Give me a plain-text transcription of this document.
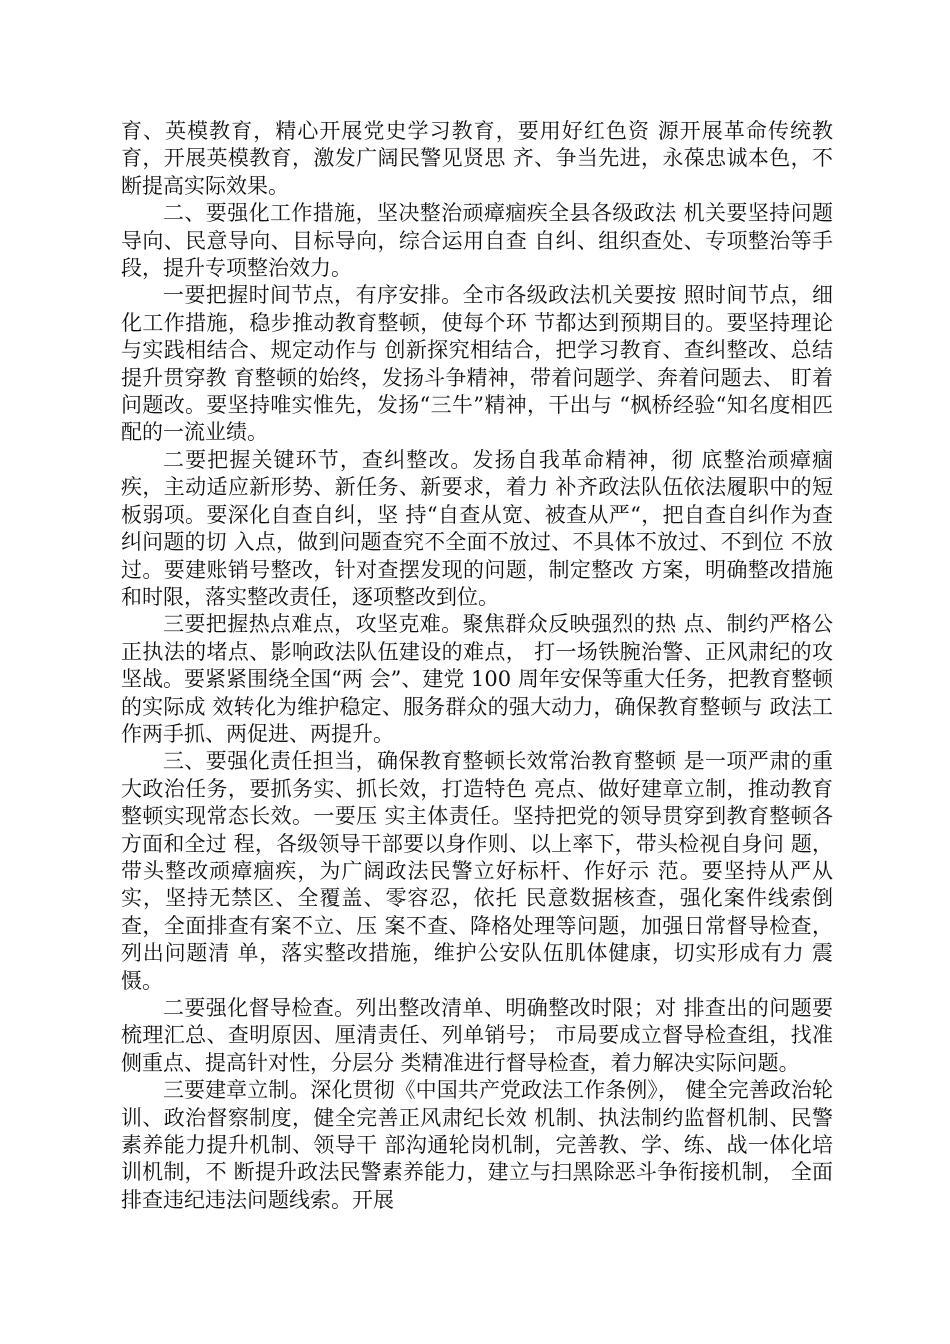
育、英模教育，精心开展党史学习教育，要用好红色资 源开展革命传统教育，开展英模教育，激发广阔民警见贤思 齐、争当先进，永葆忠诚本色，不断提高实际效果。

二、要强化工作措施，坚决整治顽瘴痼疾全县各级政法 机关要坚持问题导向、民意导向、目标导向，综合运用自查 自纠、组织查处、专项整治等手段，提升专项整治效力。

一要把握时间节点，有序安排。全市各级政法机关要按 照时间节点，细化工作措施，稳步推动教育整顿，使每个环 节都达到预期目的。要坚持理论与实践相结合、规定动作与 创新探究相结合，把学习教育、查纠整改、总结提升贯穿教 育整顿的始终，发扬斗争精神，带着问题学、奔着问题去、 盯着问题改。要坚持唯实惟先，发扬“三牛”精神，干出与 “枫桥经验“知名度相匹配的一流业绩。

二要把握关键环节，查纠整改。发扬自我革命精神，彻 底整治顽瘴痼疾，主动适应新形势、新任务、新要求，着力 补齐政法队伍依法履职中的短板弱项。要深化自查自纠，坚 持“自查从宽、被查从严“，把自查自纠作为查纠问题的切 入点，做到问题查究不全面不放过、不具体不放过、不到位 不放过。要建账销号整改，针对查摆发现的问题，制定整改 方案，明确整改措施和时限，落实整改责任，逐项整改到位。

三要把握热点难点，攻坚克难。聚焦群众反映强烈的热 点、制约严格公正执法的堵点、影响政法队伍建设的难点， 打一场铁腕治警、正风肃纪的攻坚战。要紧紧围绕全国“两 会”、建党 100 周年安保等重大任务，把教育整顿的实际成 效转化为维护稳定、服务群众的强大动力，确保教育整顿与 政法工作两手抓、两促进、两提升。

三、要强化责任担当，确保教育整顿长效常治教育整顿 是一项严肃的重大政治任务，要抓务实、抓长效，打造特色 亮点、做好建章立制，推动教育整顿实现常态长效。一要压 实主体责任。坚持把党的领导贯穿到教育整顿各方面和全过 程，各级领导干部要以身作则、以上率下，带头检视自身问 题，带头整改顽瘴痼疾，为广阔政法民警立好标杆、作好示 范。要坚持从严从实，坚持无禁区、全覆盖、零容忍，依托 民意数据核查，强化案件线索倒查，全面排查有案不立、压 案不查、降格处理等问题，加强日常督导检查，列出问题清 单，落实整改措施，维护公安队伍肌体健康，切实形成有力 震慑。

二要强化督导检查。列出整改清单、明确整改时限；对 排查出的问题要梳理汇总、查明原因、厘清责任、列单销号； 市局要成立督导检查组，找准侧重点、提高针对性，分层分 类精准进行督导检查，着力解决实际问题。

三要建章立制。深化贯彻《中国共产党政法工作条例》， 健全完善政治轮训、政治督察制度，健全完善正风肃纪长效 机制、执法制约监督机制、民警素养能力提升机制、领导干 部沟通轮岗机制，完善教、学、练、战一体化培训机制，不 断提升政法民警素养能力，建立与扫黑除恶斗争衔接机制， 全面排查违纪违法问题线索。开展
